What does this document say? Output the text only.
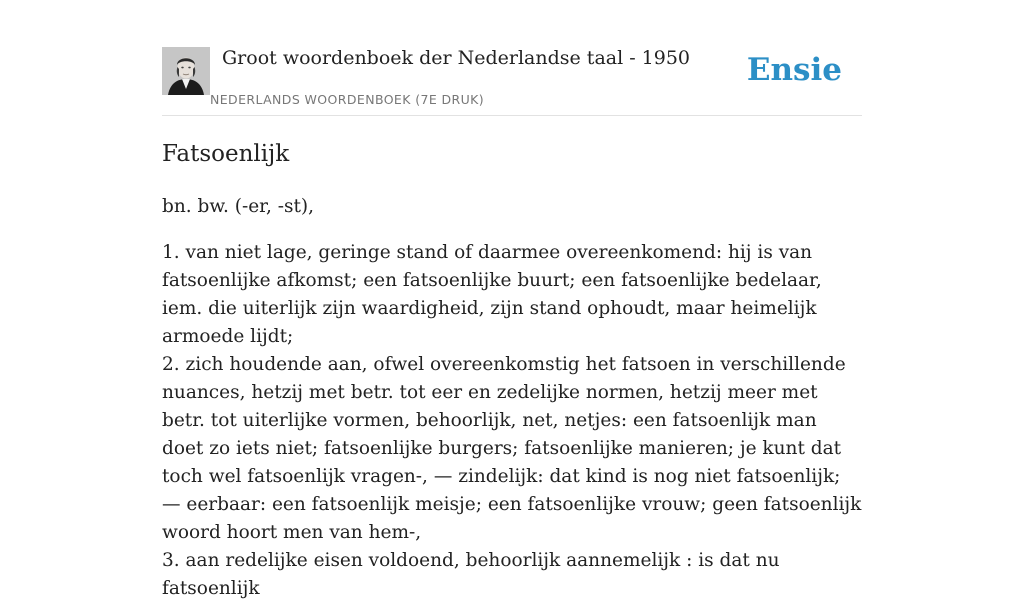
Groot woordenboek der Nederlandse taal - 1950
NEDERLANDS WOORDENBOEK (7E DRUK)
Ensie
Fatsoenlijk

bn. bw. (-er, -st),

1. van niet lage, geringe stand of daarmee overeenkomend: hij is van fatsoenlijke afkomst; een fatsoenlijke buurt; een fatsoenlijke bedelaar, iem. die uiterlijk zijn waardigheid, zijn stand ophoudt, maar heimelijk armoede lijdt;
2. zich houdende aan, ofwel overeenkomstig het fatsoen in verschillende nuances, hetzij met betr. tot eer en zedelijke normen, hetzij meer met betr. tot uiterlijke vormen, behoorlijk, net, netjes: een fatsoenlijk man doet zo iets niet; fatsoenlijke burgers; fatsoenlijke manieren; je kunt dat toch wel fatsoenlijk vragen-, — zindelijk: dat kind is nog niet fatsoenlijk; — eerbaar: een fatsoenlijk meisje; een fatsoenlijke vrouw; geen fatsoenlijk woord hoort men van hem-,
3. aan redelijke eisen voldoend, behoorlijk aannemelijk : is dat nu fatsoenlijk
